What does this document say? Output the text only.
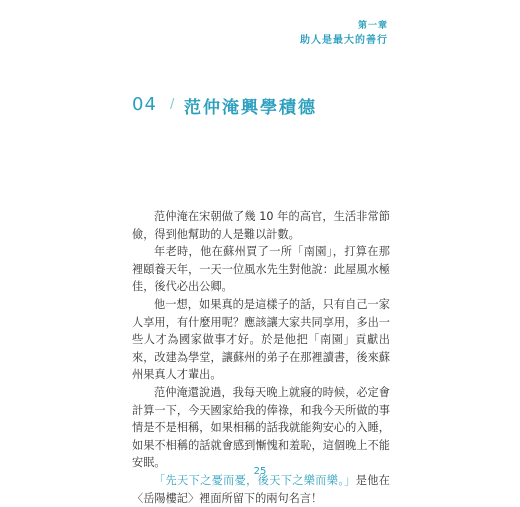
第一章
助人是最大的善行
04 / 范仲淹興學積德

范仲淹在宋朝做了幾 10 年的高官，生活非常節儉，得到他幫助的人是難以計數。

年老時，他在蘇州買了一所「南園」，打算在那裡頤養天年，一天一位風水先生對他說：此屋風水極佳，後代必出公卿。

他一想，如果真的是這樣子的話，只有自己一家人享用，有什麼用呢？應該讓大家共同享用，多出一些人才為國家做事才好。於是他把「南園」貢獻出來，改建為學堂，讓蘇州的弟子在那裡讀書，後來蘇州果真人才輩出。

范仲淹還說過，我每天晚上就寢的時候，必定會計算一下，今天國家給我的俸祿，和我今天所做的事情是不是相稱，如果相稱的話我就能夠安心的入睡，如果不相稱的話就會感到慚愧和羞恥，這個晚上不能安眠。

「先天下之憂而憂，後天下之樂而樂。」是他在〈岳陽樓記〉裡面所留下的兩句名言！

25
